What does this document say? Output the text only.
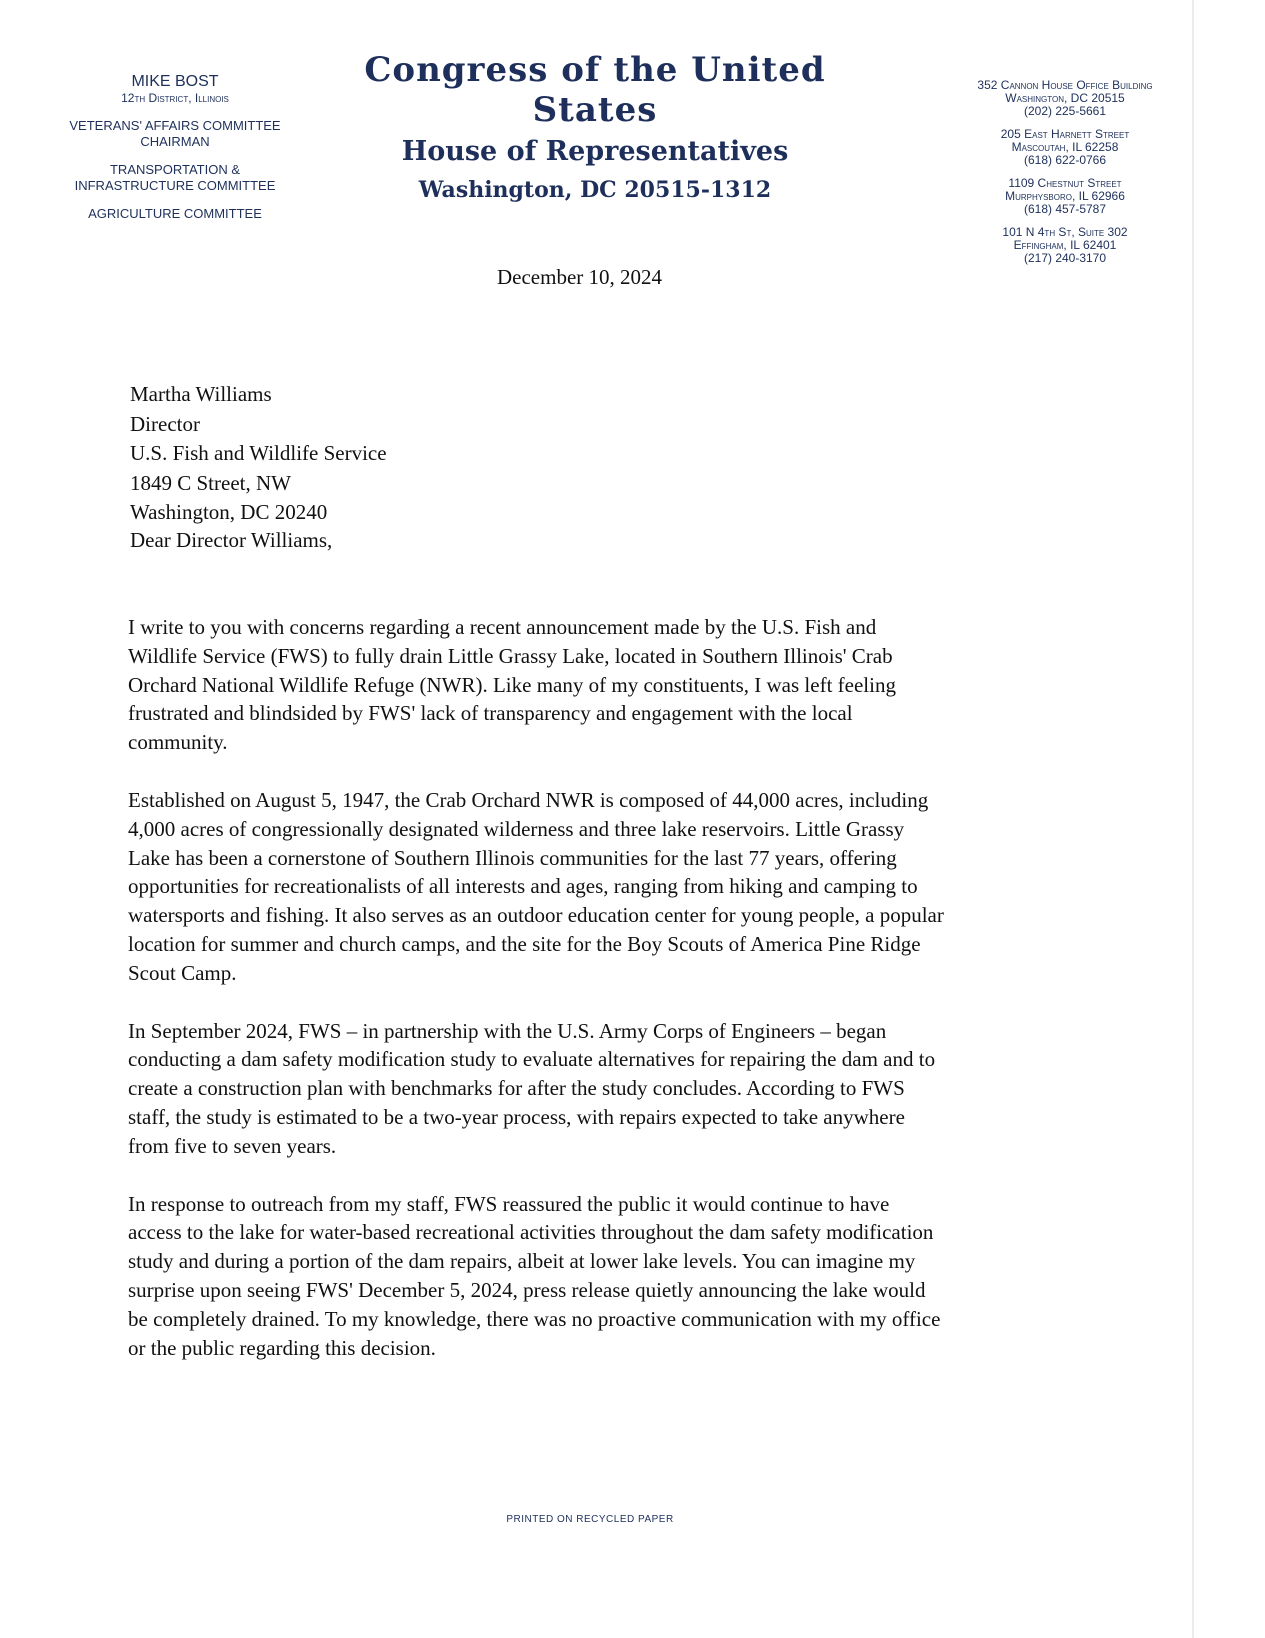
MIKE BOST
12th District, Illinois
VETERANS' AFFAIRS COMMITTEE
CHAIRMAN
TRANSPORTATION &
INFRASTRUCTURE COMMITTEE
AGRICULTURE COMMITTEE
Congress of the United States
House of Representatives
Washington, DC 20515-1312
352 Cannon House Office Building
Washington, DC 20515
(202) 225-5661
205 East Harnett Street
Mascoutah, IL 62258
(618) 622-0766
1109 Chestnut Street
Murphysboro, IL 62966
(618) 457-5787
101 N 4th St, Suite 302
Effingham, IL 62401
(217) 240-3170
December 10, 2024
Martha Williams
Director
U.S. Fish and Wildlife Service
1849 C Street, NW
Washington, DC 20240
Dear Director Williams,
I write to you with concerns regarding a recent announcement made by the U.S. Fish and
Wildlife Service (FWS) to fully drain Little Grassy Lake, located in Southern Illinois' Crab
Orchard National Wildlife Refuge (NWR). Like many of my constituents, I was left feeling
frustrated and blindsided by FWS' lack of transparency and engagement with the local
community.
Established on August 5, 1947, the Crab Orchard NWR is composed of 44,000 acres, including
4,000 acres of congressionally designated wilderness and three lake reservoirs. Little Grassy
Lake has been a cornerstone of Southern Illinois communities for the last 77 years, offering
opportunities for recreationalists of all interests and ages, ranging from hiking and camping to
watersports and fishing. It also serves as an outdoor education center for young people, a popular
location for summer and church camps, and the site for the Boy Scouts of America Pine Ridge
Scout Camp.
In September 2024, FWS – in partnership with the U.S. Army Corps of Engineers – began
conducting a dam safety modification study to evaluate alternatives for repairing the dam and to
create a construction plan with benchmarks for after the study concludes. According to FWS
staff, the study is estimated to be a two-year process, with repairs expected to take anywhere
from five to seven years.
In response to outreach from my staff, FWS reassured the public it would continue to have
access to the lake for water-based recreational activities throughout the dam safety modification
study and during a portion of the dam repairs, albeit at lower lake levels. You can imagine my
surprise upon seeing FWS' December 5, 2024, press release quietly announcing the lake would
be completely drained. To my knowledge, there was no proactive communication with my office
or the public regarding this decision.
PRINTED ON RECYCLED PAPER
